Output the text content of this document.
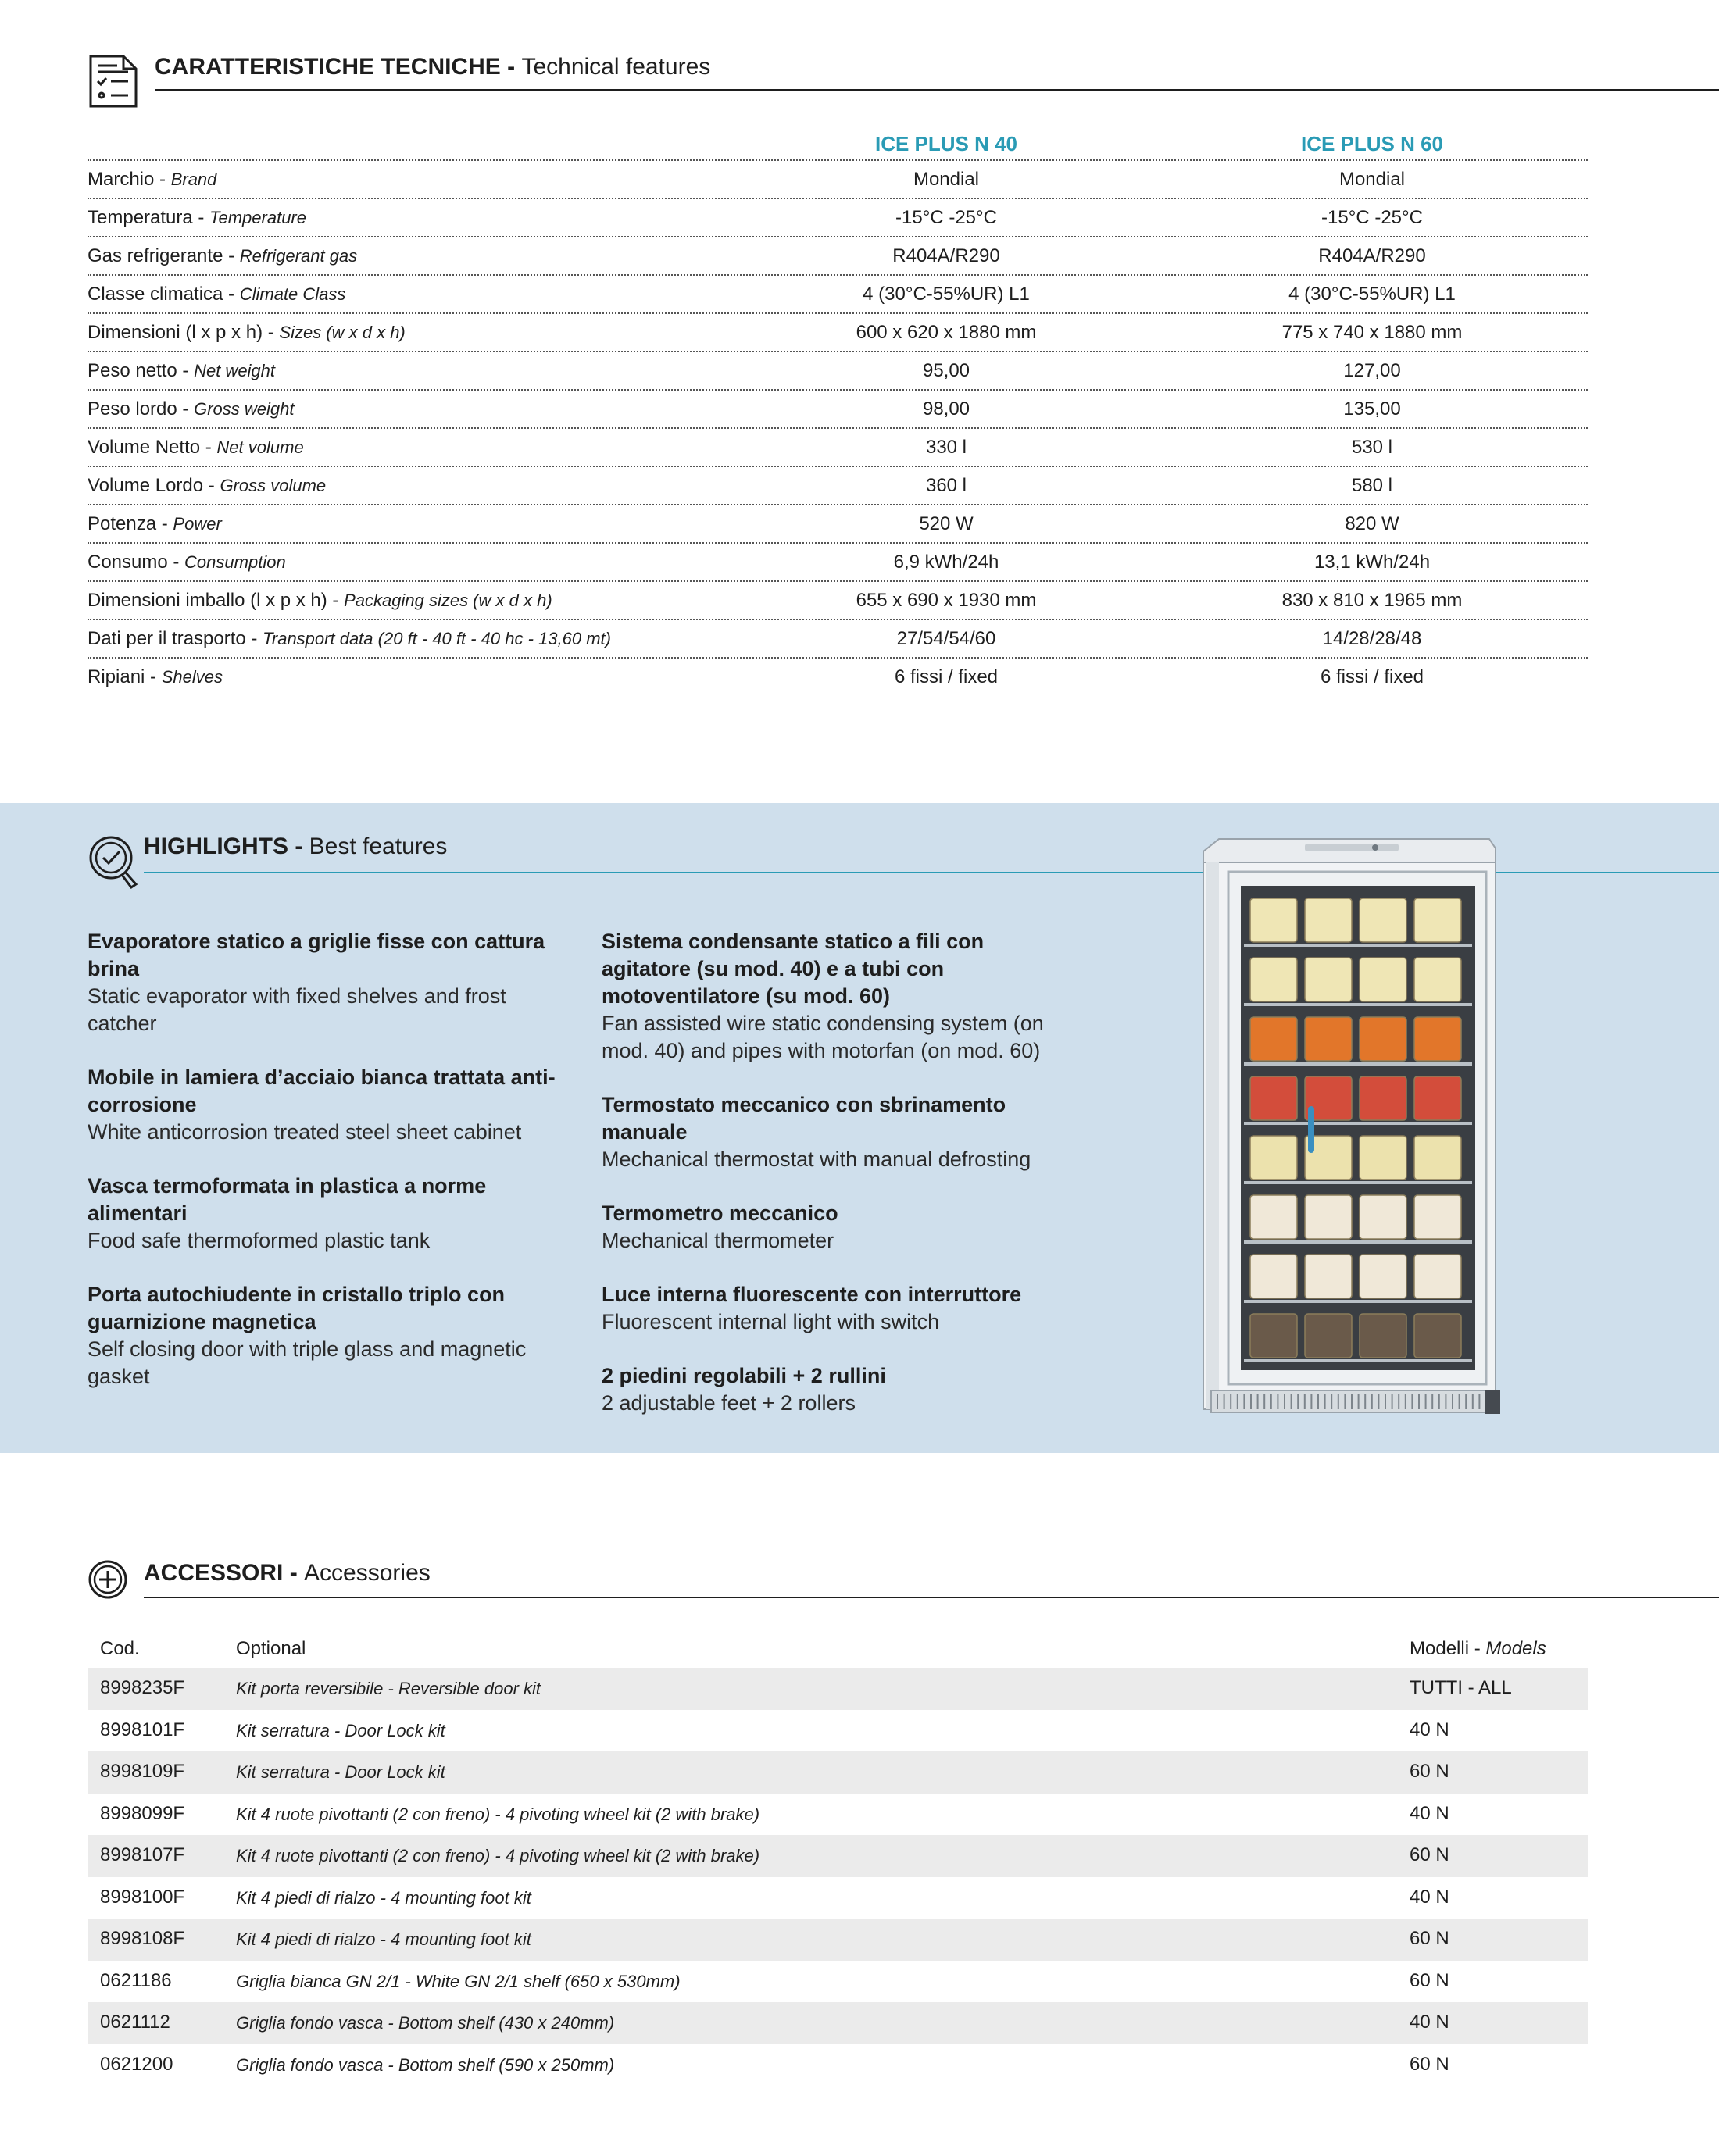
CARATTERISTICHE TECNICHE - Technical features
ICE PLUS N 40	ICE PLUS N 60
Marchio - Brand	Mondial	Mondial
Temperatura - Temperature	-15°C -25°C	-15°C -25°C
Gas refrigerante - Refrigerant gas	R404A/R290	R404A/R290
Classe climatica - Climate Class	4 (30°C-55%UR) L1	4 (30°C-55%UR) L1
Dimensioni (l x p x h) - Sizes (w x d x h)	600 x 620 x 1880 mm	775 x 740 x 1880 mm
Peso netto - Net weight	95,00	127,00
Peso lordo - Gross weight	98,00	135,00
Volume Netto - Net volume	330 l	530 l
Volume Lordo - Gross volume	360 l	580 l
Potenza - Power	520 W	820 W
Consumo - Consumption	6,9 kWh/24h	13,1 kWh/24h
Dimensioni imballo (l x p x h) - Packaging sizes (w x d x h)	655 x 690 x 1930 mm	830 x 810 x 1965 mm
Dati per il trasporto - Transport data (20 ft - 40 ft - 40 hc - 13,60 mt)	27/54/54/60	14/28/28/48
Ripiani - Shelves	6 fissi / fixed	6 fissi / fixed
HIGHLIGHTS - Best features
Evaporatore statico a griglie fisse con cattura brina
Static evaporator with fixed shelves and frost catcher
Mobile in lamiera d’acciaio bianca trattata anti-corrosione
White anticorrosion treated steel sheet cabinet
Vasca termoformata in plastica a norme alimentari
Food safe thermoformed plastic tank
Porta autochiudente in cristallo triplo con guarnizione magnetica
Self closing door with triple glass and magnetic gasket
Sistema condensante statico a fili con agitatore (su mod. 40) e a tubi con motoventilatore (su mod. 60)
Fan assisted wire static condensing system (on mod. 40) and pipes with motorfan (on mod. 60)
Termostato meccanico con sbrinamento manuale
Mechanical thermostat with manual defrosting
Termometro meccanico
Mechanical thermometer
Luce interna fluorescente con interruttore
Fluorescent internal light with switch
2 piedini regolabili + 2 rullini
2 adjustable feet + 2 rollers
ACCESSORI - Accessories
Cod.	Optional	Modelli - Models
8998235F	Kit porta reversibile - Reversible door kit	TUTTI - ALL
8998101F	Kit serratura - Door Lock kit	40 N
8998109F	Kit serratura - Door Lock kit	60 N
8998099F	Kit 4 ruote pivottanti (2 con freno) - 4 pivoting wheel kit (2 with brake)	40 N
8998107F	Kit 4 ruote pivottanti (2 con freno) - 4 pivoting wheel kit (2 with brake)	60 N
8998100F	Kit 4 piedi di rialzo - 4 mounting foot kit	40 N
8998108F	Kit 4 piedi di rialzo - 4 mounting foot kit	60 N
0621186	Griglia bianca GN 2/1 - White GN 2/1 shelf (650 x 530mm)	60 N
0621112	Griglia fondo vasca - Bottom shelf (430 x 240mm)	40 N
0621200	Griglia fondo vasca - Bottom shelf (590 x 250mm)	60 N
